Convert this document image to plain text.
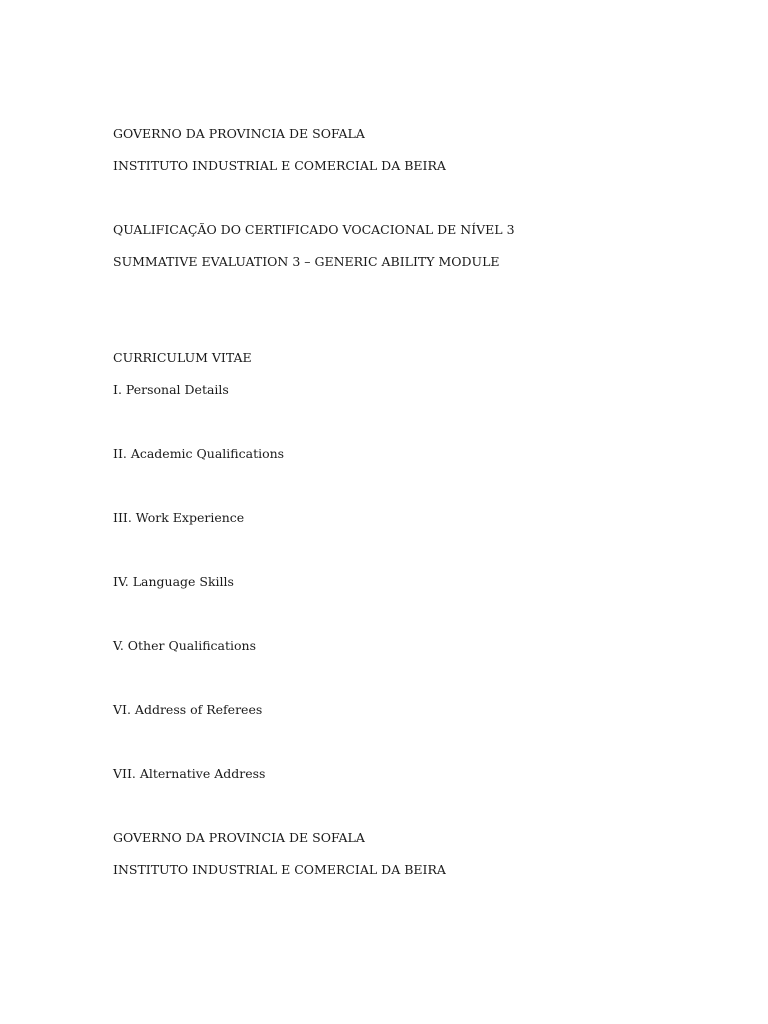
GOVERNO DA PROVINCIA DE SOFALA

INSTITUTO INDUSTRIAL E COMERCIAL DA BEIRA

QUALIFICAÇÃO DO CERTIFICADO VOCACIONAL DE NÍVEL 3

SUMMATIVE EVALUATION 3 – GENERIC ABILITY MODULE

CURRICULUM VITAE

I. Personal Details

II. Academic Qualifications

III. Work Experience

IV. Language Skills

V. Other Qualifications

VI. Address of Referees

VII. Alternative Address

GOVERNO DA PROVINCIA DE SOFALA

INSTITUTO INDUSTRIAL E COMERCIAL DA BEIRA
